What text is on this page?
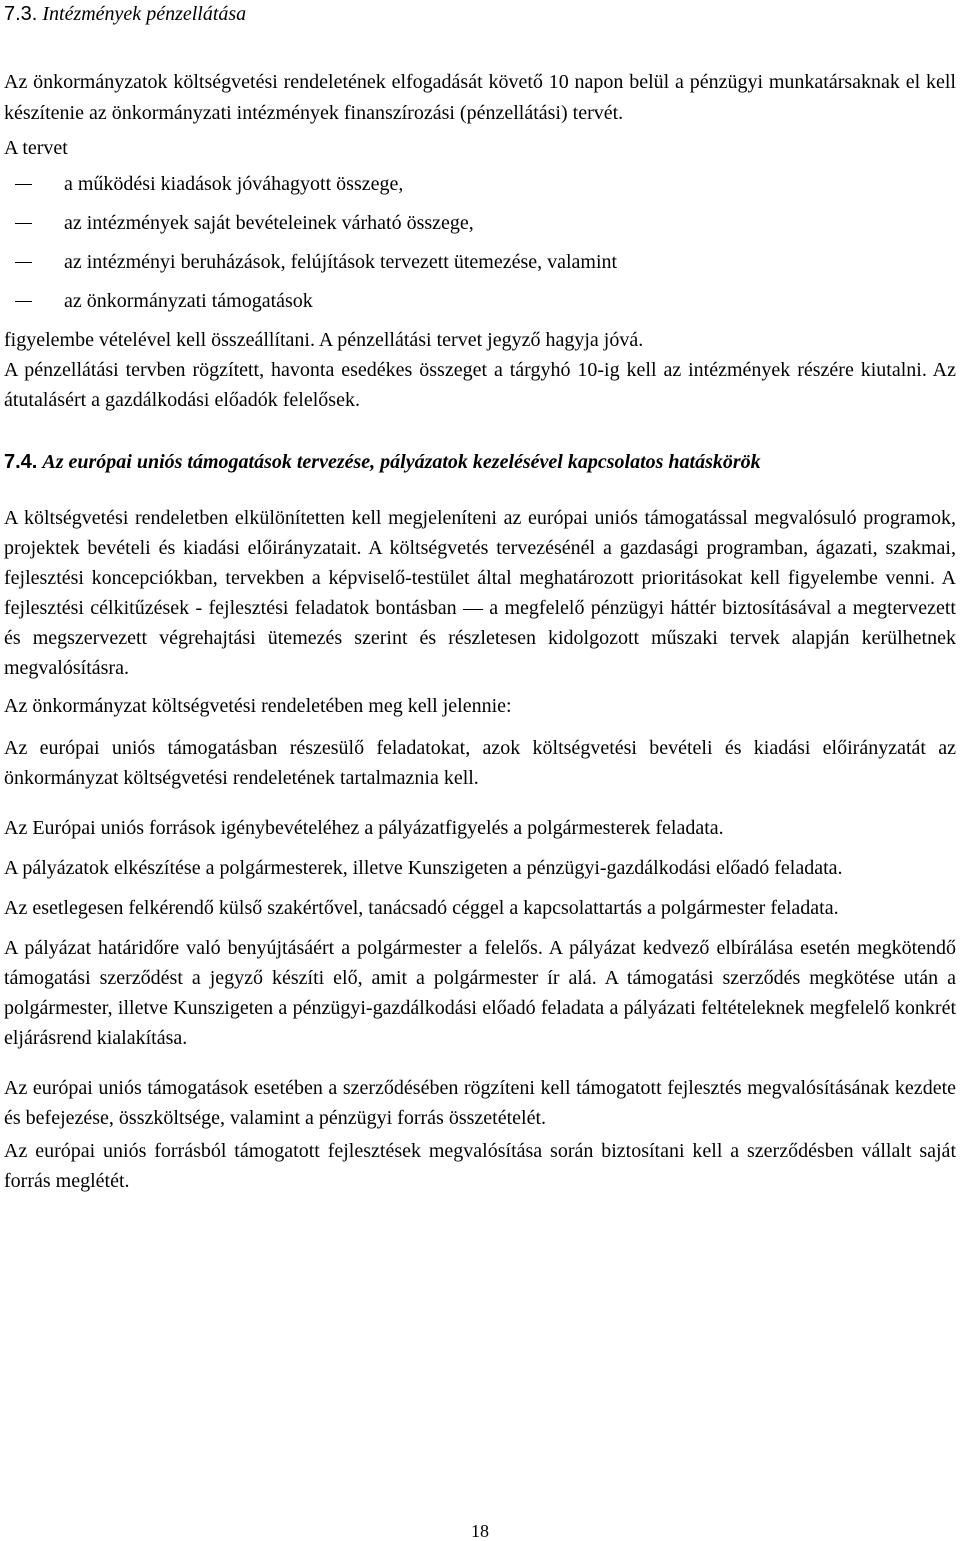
7.3. Intézmények pénzellátása

Az önkormányzatok költségvetési rendeletének elfogadását követő 10 napon belül a pénzügyi munkatársaknak el kell készítenie az önkormányzati intézmények finanszírozási (pénzellátási) tervét.

A tervet

a működési kiadások jóváhagyott összege,
az intézmények saját bevételeinek várható összege,
az intézményi beruházások, felújítások tervezett ütemezése, valamint
az önkormányzati támogatások

figyelembe vételével kell összeállítani. A pénzellátási tervet jegyző hagyja jóvá.

A pénzellátási tervben rögzített, havonta esedékes összeget a tárgyhó 10-ig kell az intézmények részére kiutalni. Az átutalásért a gazdálkodási előadók felelősek.

7.4. Az európai uniós támogatások tervezése, pályázatok kezelésével kapcsolatos hatáskörök

A költségvetési rendeletben elkülönítetten kell megjeleníteni az európai uniós támogatással megvalósuló programok, projektek bevételi és kiadási előirányzatait. A költségvetés tervezésénél a gazdasági programban, ágazati, szakmai, fejlesztési koncepciókban, tervekben a képviselő-testület által meghatározott prioritásokat kell figyelembe venni. A fejlesztési célkitűzések - fejlesztési feladatok bontásban — a megfelelő pénzügyi háttér biztosításával a megtervezett és megszervezett végrehajtási ütemezés szerint és részletesen kidolgozott műszaki tervek alapján kerülhetnek megvalósításra.

Az önkormányzat költségvetési rendeletében meg kell jelennie:

Az európai uniós támogatásban részesülő feladatokat, azok költségvetési bevételi és kiadási előirányzatát az önkormányzat költségvetési rendeletének tartalmaznia kell.

Az Európai uniós források igénybevételéhez a pályázatfigyelés a polgármesterek feladata.

A pályázatok elkészítése a polgármesterek, illetve Kunszigeten a pénzügyi-gazdálkodási előadó feladata.

Az esetlegesen felkérendő külső szakértővel, tanácsadó céggel a kapcsolattartás a polgármester feladata.

A pályázat határidőre való benyújtásáért a polgármester a felelős. A pályázat kedvező elbírálása esetén megkötendő támogatási szerződést a jegyző készíti elő, amit a polgármester ír alá. A támogatási szerződés megkötése után a polgármester, illetve Kunszigeten a pénzügyi-gazdálkodási előadó feladata a pályázati feltételeknek megfelelő konkrét eljárásrend kialakítása.

Az európai uniós támogatások esetében a szerződésében rögzíteni kell támogatott fejlesztés megvalósításának kezdete és befejezése, összköltsége, valamint a pénzügyi forrás összetételét.

Az európai uniós forrásból támogatott fejlesztések megvalósítása során biztosítani kell a szerződésben vállalt saját forrás meglétét.

18
